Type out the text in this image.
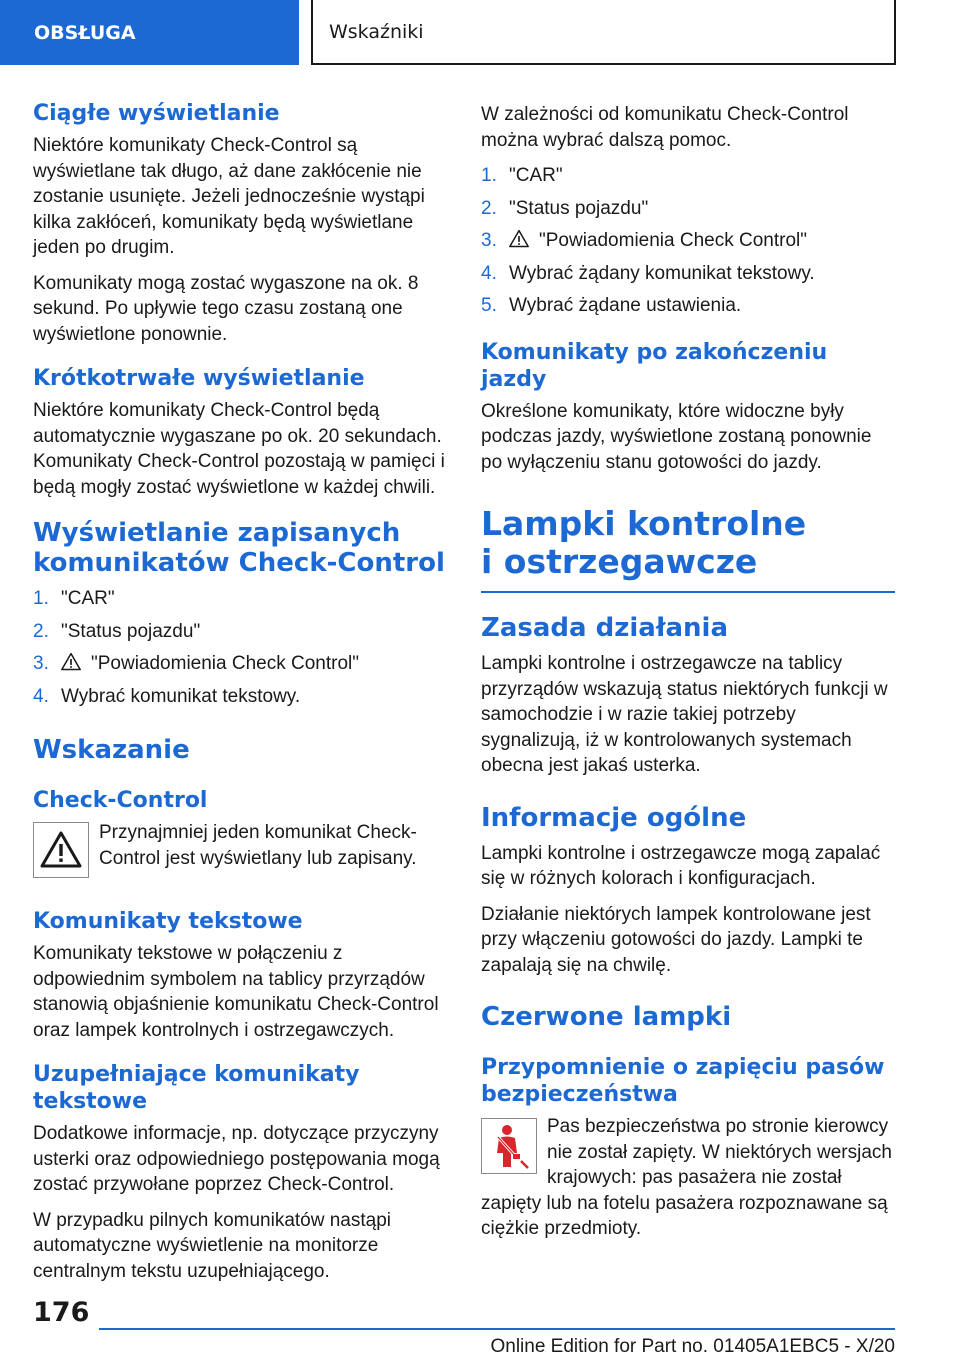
OBSŁUGA	Wskaźniki
Ciągłe wyświetlanie

Niektóre komunikaty Check-Control są wyświetlane tak długo, aż dane zakłócenie nie zostanie usunięte. Jeżeli jednocześnie wystąpi kilka zakłóceń, komunikaty będą wyświetlane jeden po drugim.

Komunikaty mogą zostać wygaszone na ok. 8 sekund. Po upływie tego czasu zostaną one wyświetlone ponownie.

Krótkotrwałe wyświetlanie

Niektóre komunikaty Check-Control będą automatycznie wygaszane po ok. 20 sekundach. Komunikaty Check-Control pozostają w pamięci i będą mogły zostać wyświetlone w każdej chwili.

Wyświetlanie zapisanych komunikatów Check-Control
1. "CAR"
2. "Status pojazdu"
3.	"Powiadomienia Check Control"
4. Wybrać komunikat tekstowy.
Wskazanie
Check-Control

Przynajmniej jeden komunikat Check-Control jest wyświetlany lub zapisany.

Komunikaty tekstowe

Komunikaty tekstowe w połączeniu z odpowiednim symbolem na tablicy przyrządów stanowią objaśnienie komunikatu Check-Control oraz lampek kontrolnych i ostrzegawczych.

Uzupełniające komunikaty tekstowe

Dodatkowe informacje, np. dotyczące przyczyny usterki oraz odpowiedniego postępowania mogą zostać przywołane poprzez Check-Control.

W przypadku pilnych komunikatów nastąpi automatyczne wyświetlenie na monitorze centralnym tekstu uzupełniającego.

W zależności od komunikatu Check-Control można wybrać dalszą pomoc.

1. "CAR"
2. "Status pojazdu"
3.	"Powiadomienia Check Control"
4. Wybrać żądany komunikat tekstowy.
5. Wybrać żądane ustawienia.
Komunikaty po zakończeniu jazdy

Określone komunikaty, które widoczne były podczas jazdy, wyświetlone zostaną ponownie po wyłączeniu stanu gotowości do jazdy.

Lampki kontrolne
i ostrzegawcze
Zasada działania

Lampki kontrolne i ostrzegawcze na tablicy przyrządów wskazują status niektórych funkcji w samochodzie i w razie takiej potrzeby sygnalizują, iż w kontrolowanych systemach obecna jest jakaś usterka.

Informacje ogólne

Lampki kontrolne i ostrzegawcze mogą zapalać się w różnych kolorach i konfiguracjach.

Działanie niektórych lampek kontrolowane jest przy włączeniu gotowości do jazdy. Lampki te zapalają się na chwilę.

Czerwone lampki
Przypomnienie o zapięciu pasów bezpieczeństwa

Pas bezpieczeństwa po stronie kierowcy nie został zapięty. W niektórych wersjach krajowych: pas pasażera nie został zapięty lub na fotelu pasażera rozpoznawane są ciężkie przedmioty.

176
Online Edition for Part no. 01405A1EBC5 - X/20
